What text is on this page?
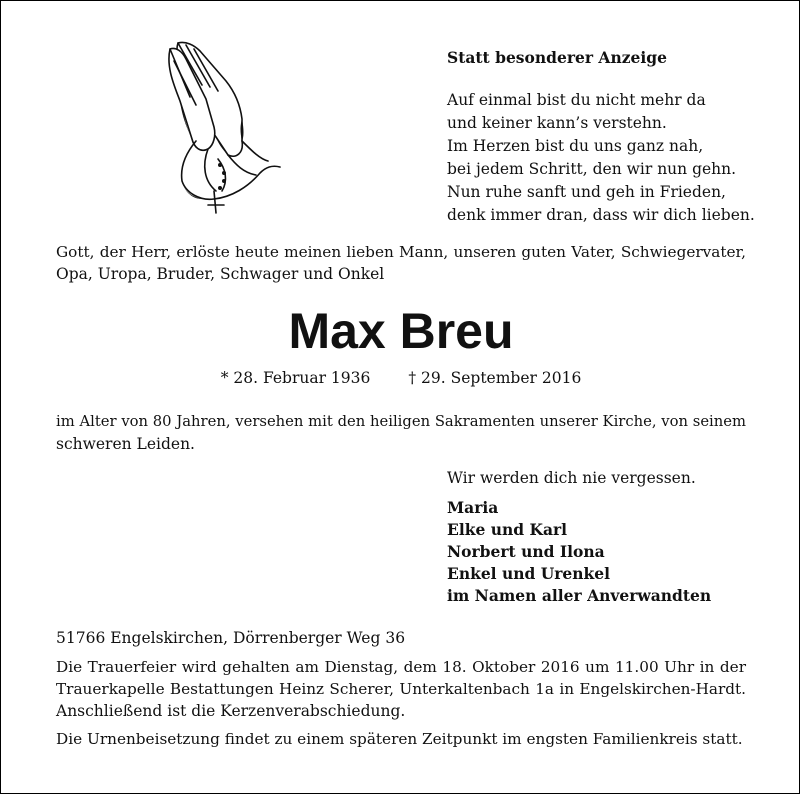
Statt besonderer Anzeige
Auf einmal bist du nicht mehr da
und keiner kann’s verstehn.
Im Herzen bist du uns ganz nah,
bei jedem Schritt, den wir nun gehn.
Nun ruhe sanft und geh in Frieden,
denk immer dran, dass wir dich lieben.
Gott, der Herr, erlöste heute meinen lieben Mann, unseren guten Vater, Schwiegervater,
Opa, Uropa, Bruder, Schwager und Onkel
Max Breu
* 28. Februar 1936 † 29. September 2016
im Alter von 80 Jahren, versehen mit den heiligen Sakramenten unserer Kirche, von seinem
schweren Leiden.
Wir werden dich nie vergessen.
Maria
Elke und Karl
Norbert und Ilona
Enkel und Urenkel
im Namen aller Anverwandten
51766 Engelskirchen, Dörrenberger Weg 36
Die Trauerfeier wird gehalten am Dienstag, dem 18. Oktober 2016 um 11.00 Uhr in der
Trauerkapelle Bestattungen Heinz Scherer, Unterkaltenbach 1a in Engelskirchen-Hardt.
Anschließend ist die Kerzenverabschiedung.
Die Urnenbeisetzung findet zu einem späteren Zeitpunkt im engsten Familienkreis statt.
